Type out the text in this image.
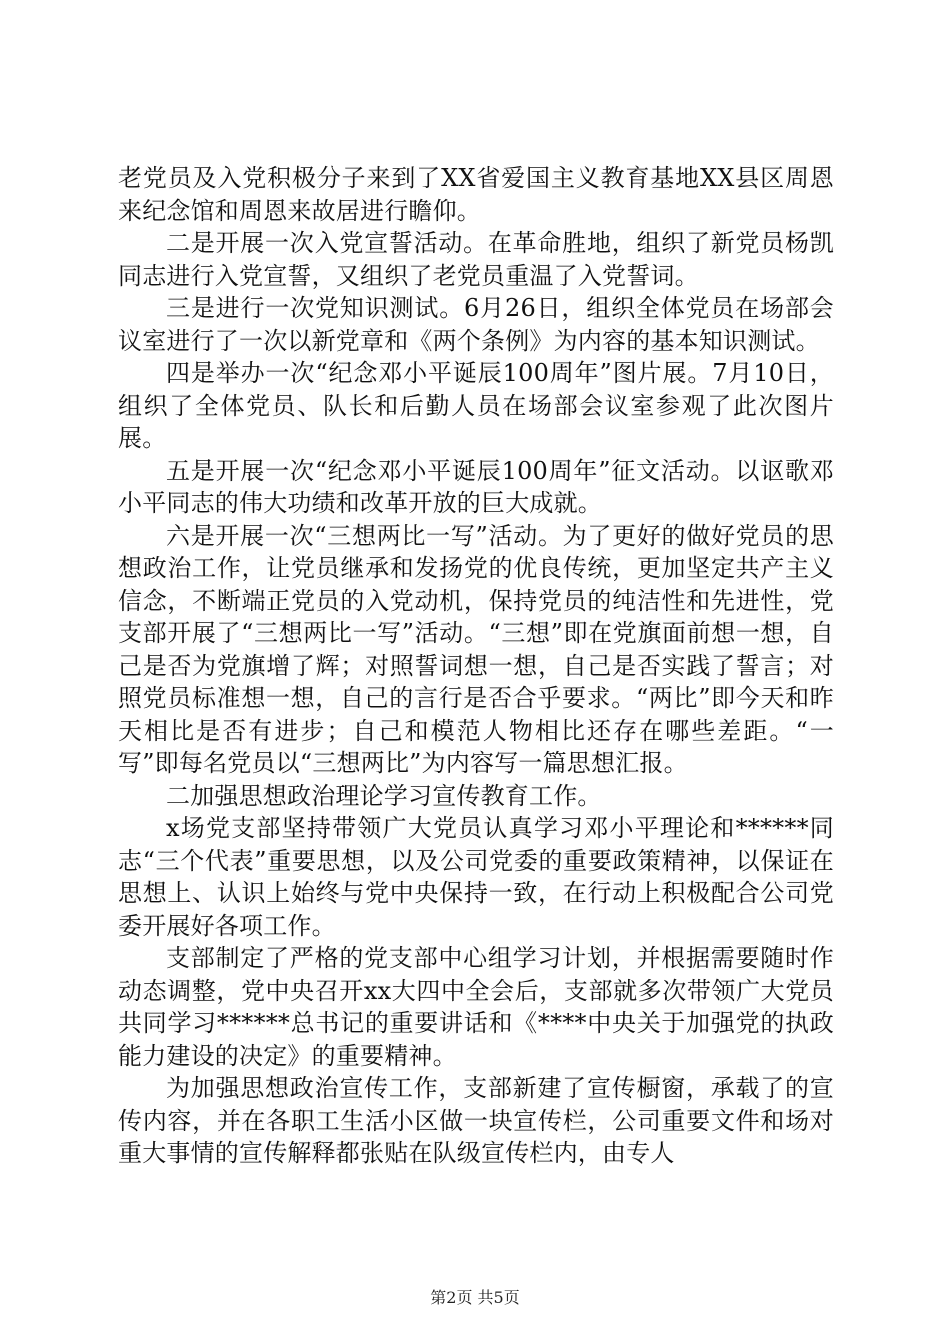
老党员及入党积极分子来到了XX省爱国主义教育基地XX县区周恩来纪念馆和周恩来故居进行瞻仰。

二是开展一次入党宣誓活动。在革命胜地，组织了新党员杨凯同志进行入党宣誓，又组织了老党员重温了入党誓词。

三是进行一次党知识测试。6月26日，组织全体党员在场部会议室进行了一次以新党章和《两个条例》为内容的基本知识测试。

四是举办一次“纪念邓小平诞辰100周年”图片展。7月10日，组织了全体党员、队长和后勤人员在场部会议室参观了此次图片展。

五是开展一次“纪念邓小平诞辰100周年”征文活动。以讴歌邓小平同志的伟大功绩和改革开放的巨大成就。

六是开展一次“三想两比一写”活动。为了更好的做好党员的思想政治工作，让党员继承和发扬党的优良传统，更加坚定共产主义信念，不断端正党员的入党动机，保持党员的纯洁性和先进性，党支部开展了“三想两比一写”活动。“三想”即在党旗面前想一想，自己是否为党旗增了辉；对照誓词想一想，自己是否实践了誓言；对照党员标准想一想，自己的言行是否合乎要求。“两比”即今天和昨天相比是否有进步；自己和模范人物相比还存在哪些差距。“一写”即每名党员以“三想两比”为内容写一篇思想汇报。

二加强思想政治理论学习宣传教育工作。

x场党支部坚持带领广大党员认真学习邓小平理论和******同志“三个代表”重要思想，以及公司党委的重要政策精神，以保证在思想上、认识上始终与党中央保持一致，在行动上积极配合公司党委开展好各项工作。

支部制定了严格的党支部中心组学习计划，并根据需要随时作动态调整，党中央召开xx大四中全会后，支部就多次带领广大党员共同学习******总书记的重要讲话和《****中央关于加强党的执政能力建设的决定》的重要精神。

为加强思想政治宣传工作，支部新建了宣传橱窗，承载了的宣传内容，并在各职工生活小区做一块宣传栏，公司重要文件和场对重大事情的宣传解释都张贴在队级宣传栏内，由专人

第2页 共5页
